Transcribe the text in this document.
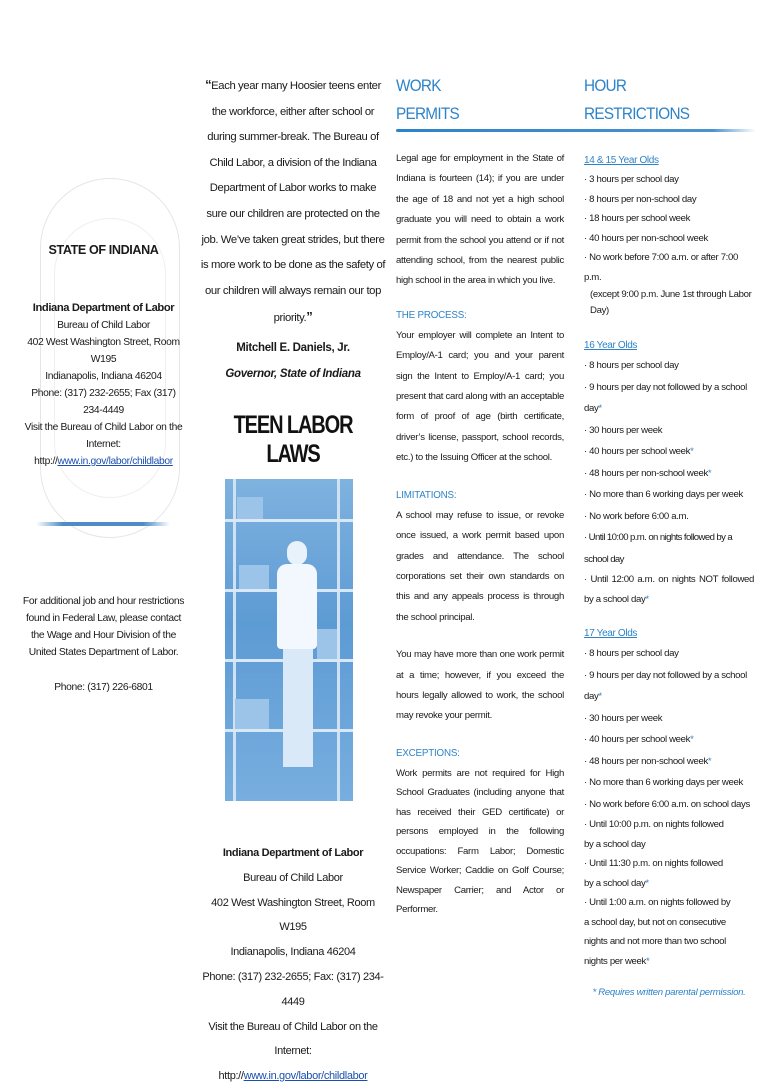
STATE OF INDIANA
Indiana Department of Labor
Bureau of Child Labor
402 West Washington Street, Room W195
Indianapolis, Indiana 46204
Phone: (317) 232-2655; Fax (317) 234-4449
Visit the Bureau of Child Labor on the Internet: http://www.in.gov/labor/childlabor
For additional job and hour restrictions found in Federal Law, please contact the Wage and Hour Division of the United States Department of Labor.
Phone: (317) 226-6801
“Each year many Hoosier teens enter the workforce, either after school or during summer-break. The Bureau of Child Labor, a division of the Indiana Department of Labor works to make sure our children are protected on the job. We’ve taken great strides, but there is more work to be done as the safety of our children will always remain our top priority.”
Mitchell E. Daniels, Jr.
Governor, State of Indiana
TEEN LABOR LAWS
Indiana Department of Labor
Bureau of Child Labor
402 West Washington Street, Room W195
Indianapolis, Indiana 46204
Phone: (317) 232-2655; Fax: (317) 234-4449
Visit the Bureau of Child Labor on the Internet:
http://www.in.gov/labor/childlabor
WORK
PERMITS
Legal age for employment in the State of Indiana is fourteen (14); if you are under the age of 18 and not yet a high school graduate you will need to obtain a work permit from the school you attend or if not attending school, from the nearest public high school in the area in which you live.
THE PROCESS:
Your employer will complete an Intent to Employ/A-1 card; you and your parent sign the Intent to Employ/A-1 card; you present that card along with an acceptable form of proof of age (birth certificate, driver’s license, passport, school records, etc.) to the Issuing Officer at the school.
LIMITATIONS:
A school may refuse to issue, or revoke once issued, a work permit based upon grades and attendance. The school corporations set their own standards on this and any appeals process is through the school principal.
You may have more than one work permit at a time; however, if you exceed the hours legally allowed to work, the school may revoke your permit.
EXCEPTIONS:
Work permits are not required for High School Graduates (including anyone that has received their GED certificate) or persons employed in the following occupations: Farm Labor; Domestic Service Worker; Caddie on Golf Course; Newspaper Carrier; and Actor or Performer.
HOUR
RESTRICTIONS
14 & 15 Year Olds
· 3 hours per school day
· 8 hours per non-school day
· 18 hours per school week
· 40 hours per non-school week
· No work before 7:00 a.m. or after 7:00 p.m.
(except 9:00 p.m. June 1st through Labor Day)
16 Year Olds
· 8 hours per school day
· 9 hours per day not followed by a school day*
· 30 hours per week
· 40 hours per school week*
· 48 hours per non-school week*
· No more than 6 working days per week
· No work before 6:00 a.m.
· Until 10:00 p.m. on nights followed by a school day
· Until 12:00 a.m. on nights NOT followed by a school day*
17 Year Olds
· 8 hours per school day
· 9 hours per day not followed by a school day*
· 30 hours per week
· 40 hours per school week*
· 48 hours per non-school week*
· No more than 6 working days per week
· No work before 6:00 a.m. on school days
· Until 10:00 p.m. on nights followed by a school day
· Until 11:30 p.m. on nights followed by a school day*
· Until 1:00 a.m. on nights followed by a school day, but not on consecutive nights and not more than two school nights per week*
* Requires written parental permission.
